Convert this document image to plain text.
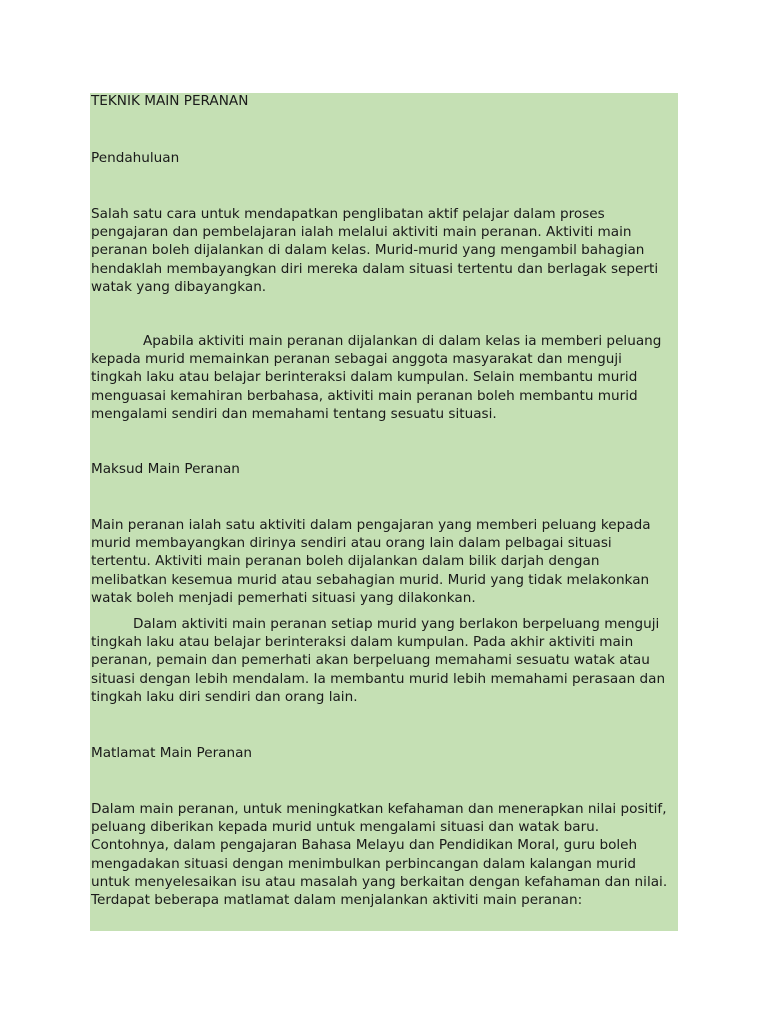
TEKNIK MAIN PERANAN
Pendahuluan
Salah satu cara untuk mendapatkan penglibatan aktif pelajar dalam proses
pengajaran dan pembelajaran ialah melalui aktiviti main peranan. Aktiviti main
peranan boleh dijalankan di dalam kelas. Murid-murid yang mengambil bahagian
hendaklah membayangkan diri mereka dalam situasi tertentu dan berlagak seperti
watak yang dibayangkan.
Apabila aktiviti main peranan dijalankan di dalam kelas ia memberi peluang
kepada murid memainkan peranan sebagai anggota masyarakat dan menguji
tingkah laku atau belajar berinteraksi dalam kumpulan. Selain membantu murid
menguasai kemahiran berbahasa, aktiviti main peranan boleh membantu murid
mengalami sendiri dan memahami tentang sesuatu situasi.
Maksud Main Peranan
Main peranan ialah satu aktiviti dalam pengajaran yang memberi peluang kepada
murid membayangkan dirinya sendiri atau orang lain dalam pelbagai situasi
tertentu. Aktiviti main peranan boleh dijalankan dalam bilik darjah dengan
melibatkan kesemua murid atau sebahagian murid. Murid yang tidak melakonkan
watak boleh menjadi pemerhati situasi yang dilakonkan.
Dalam aktiviti main peranan setiap murid yang berlakon berpeluang menguji
tingkah laku atau belajar berinteraksi dalam kumpulan. Pada akhir aktiviti main
peranan, pemain dan pemerhati akan berpeluang memahami sesuatu watak atau
situasi dengan lebih mendalam. Ia membantu murid lebih memahami perasaan dan
tingkah laku diri sendiri dan orang lain.
Matlamat Main Peranan
Dalam main peranan, untuk meningkatkan kefahaman dan menerapkan nilai positif,
peluang diberikan kepada murid untuk mengalami situasi dan watak baru.
Contohnya, dalam pengajaran Bahasa Melayu dan Pendidikan Moral, guru boleh
mengadakan situasi dengan menimbulkan perbincangan dalam kalangan murid
untuk menyelesaikan isu atau masalah yang berkaitan dengan kefahaman dan nilai.
Terdapat beberapa matlamat dalam menjalankan aktiviti main peranan:
